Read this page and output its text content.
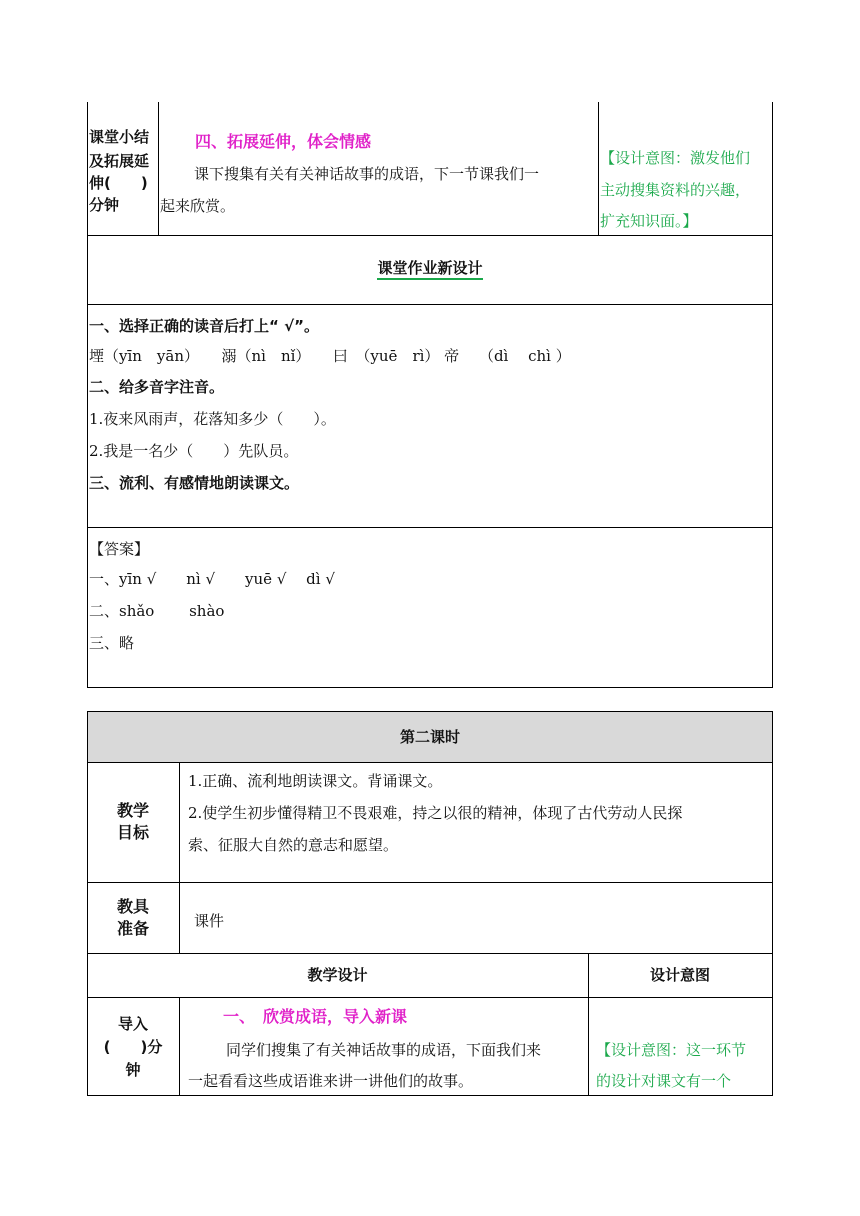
课堂小结
及拓展延
伸(　　)
分钟
四、拓展延伸，体会情感
课下搜集有关有关神话故事的成语，下一节课我们一
起来欣赏。
【设计意图：激发他们
主动搜集资料的兴趣，
扩充知识面。】
课堂作业新设计
一、选择正确的读音后打上“ √”。
堙（yīn　yān）　　溺（nì　nǐ）　　曰　（yuē　rì） 帝　 （dì　 chì ）
二、给多音字注音。
1.夜来风雨声，花落知多少（　　）。
2.我是一名少（　　）先队员。
三、流利、有感情地朗读课文。
【答案】
一、yīn √　　nì √　　yuē √　 dì √
二、shǎo　　 shào
三、略
第二课时
教学
目标
1.正确、流利地朗读课文。背诵课文。
2.使学生初步懂得精卫不畏艰难，持之以很的精神，体现了古代劳动人民探
索、征服大自然的意志和愿望。
教具
准备	课件
教学设计	设计意图
导入
(　　)分
钟
一、　欣赏成语，导入新课
同学们搜集了有关神话故事的成语，下面我们来
一起看看这些成语谁来讲一讲他们的故事。
【设计意图：这一环节
的设计对课文有一个
